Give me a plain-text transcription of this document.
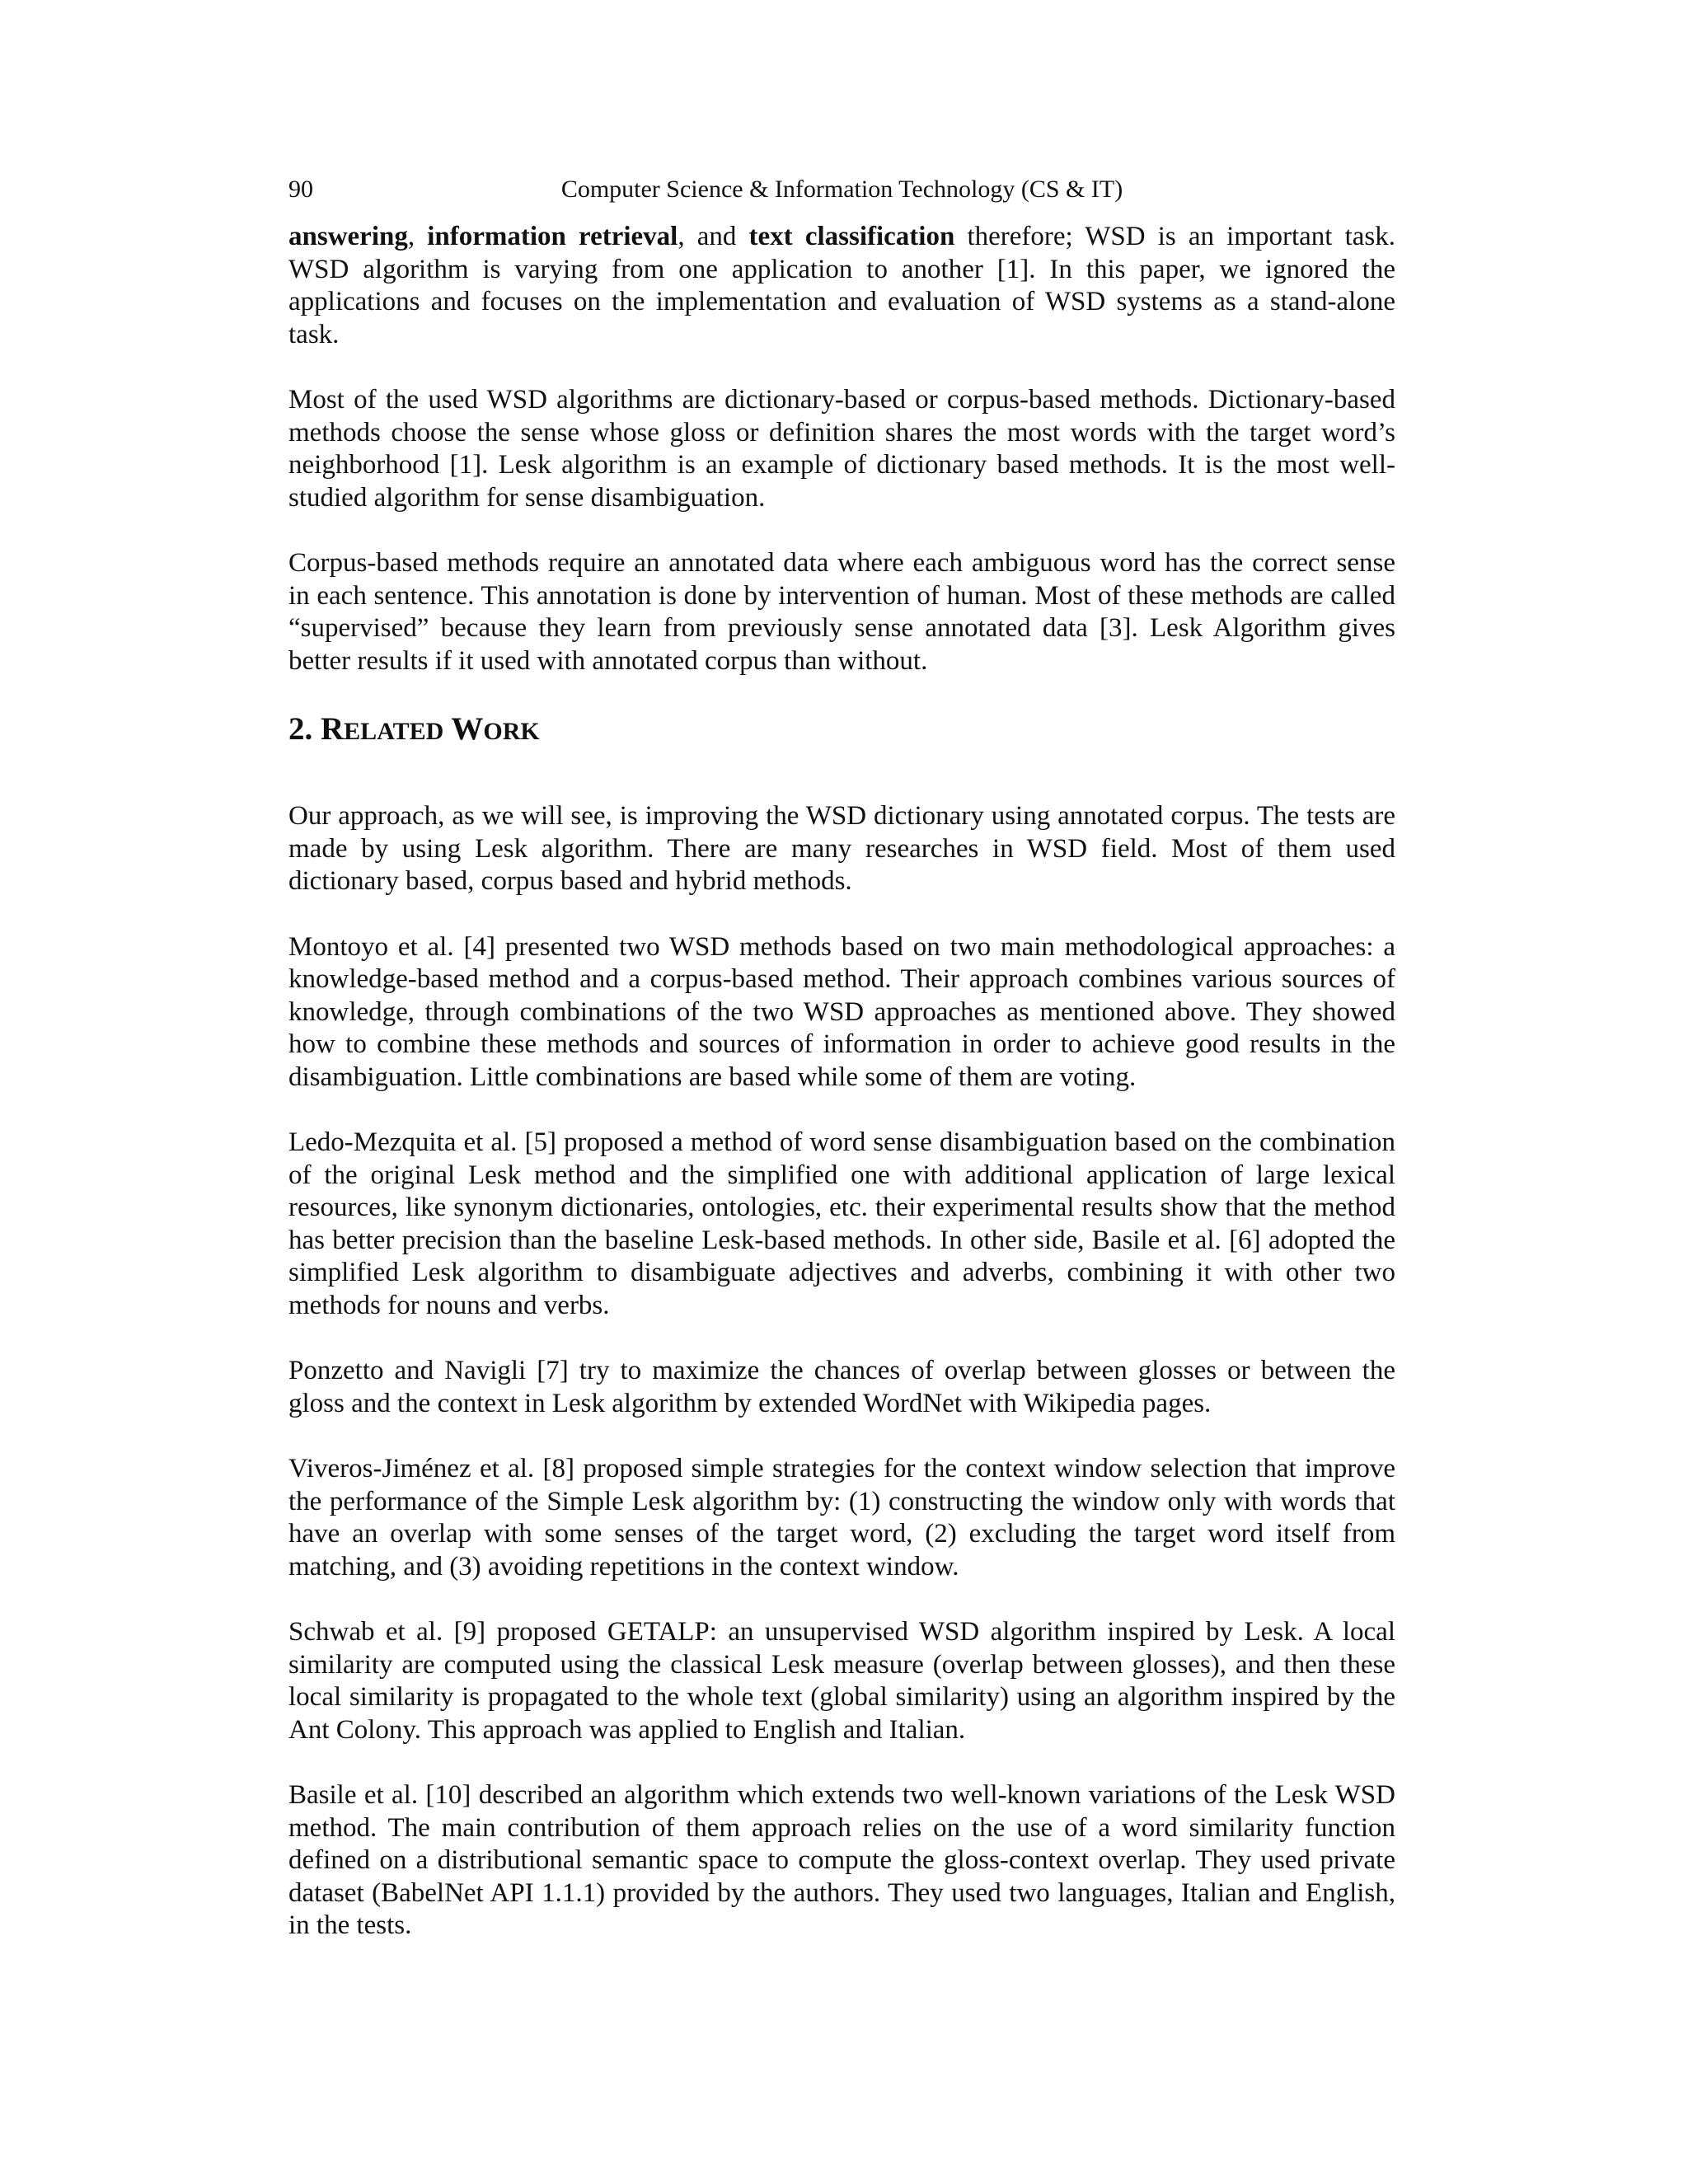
90	Computer Science & Information Technology (CS & IT)

answering, information retrieval, and text classification therefore; WSD is an important task. WSD algorithm is varying from one application to another [1]. In this paper, we ignored the applications and focuses on the implementation and evaluation of WSD systems as a stand-alone task.

Most of the used WSD algorithms are dictionary-based or corpus-based methods. Dictionary-based methods choose the sense whose gloss or definition shares the most words with the target word’s neighborhood [1]. Lesk algorithm is an example of dictionary based methods. It is the most well-studied algorithm for sense disambiguation.

Corpus-based methods require an annotated data where each ambiguous word has the correct sense in each sentence. This annotation is done by intervention of human. Most of these methods are called “supervised” because they learn from previously sense annotated data [3]. Lesk Algorithm gives better results if it used with annotated corpus than without.

2. RELATED WORK

Our approach, as we will see, is improving the WSD dictionary using annotated corpus. The tests are made by using Lesk algorithm. There are many researches in WSD field. Most of them used dictionary based, corpus based and hybrid methods.

Montoyo et al. [4] presented two WSD methods based on two main methodological approaches: a knowledge-based method and a corpus-based method. Their approach combines various sources of knowledge, through combinations of the two WSD approaches as mentioned above. They showed how to combine these methods and sources of information in order to achieve good results in the disambiguation. Little combinations are based while some of them are voting.

Ledo-Mezquita et al. [5] proposed a method of word sense disambiguation based on the combination of the original Lesk method and the simplified one with additional application of large lexical resources, like synonym dictionaries, ontologies, etc. their experimental results show that the method has better precision than the baseline Lesk-based methods. In other side, Basile et al. [6] adopted the simplified Lesk algorithm to disambiguate adjectives and adverbs, combining it with other two methods for nouns and verbs.

Ponzetto and Navigli [7] try to maximize the chances of overlap between glosses or between the gloss and the context in Lesk algorithm by extended WordNet with Wikipedia pages.

Viveros-Jiménez et al. [8] proposed simple strategies for the context window selection that improve the performance of the Simple Lesk algorithm by: (1) constructing the window only with words that have an overlap with some senses of the target word, (2) excluding the target word itself from matching, and (3) avoiding repetitions in the context window.

Schwab et al. [9] proposed GETALP: an unsupervised WSD algorithm inspired by Lesk. A local similarity are computed using the classical Lesk measure (overlap between glosses), and then these local similarity is propagated to the whole text (global similarity) using an algorithm inspired by the Ant Colony. This approach was applied to English and Italian.

Basile et al. [10] described an algorithm which extends two well-known variations of the Lesk WSD method. The main contribution of them approach relies on the use of a word similarity function defined on a distributional semantic space to compute the gloss-context overlap. They used private dataset (BabelNet API 1.1.1) provided by the authors. They used two languages, Italian and English, in the tests.
